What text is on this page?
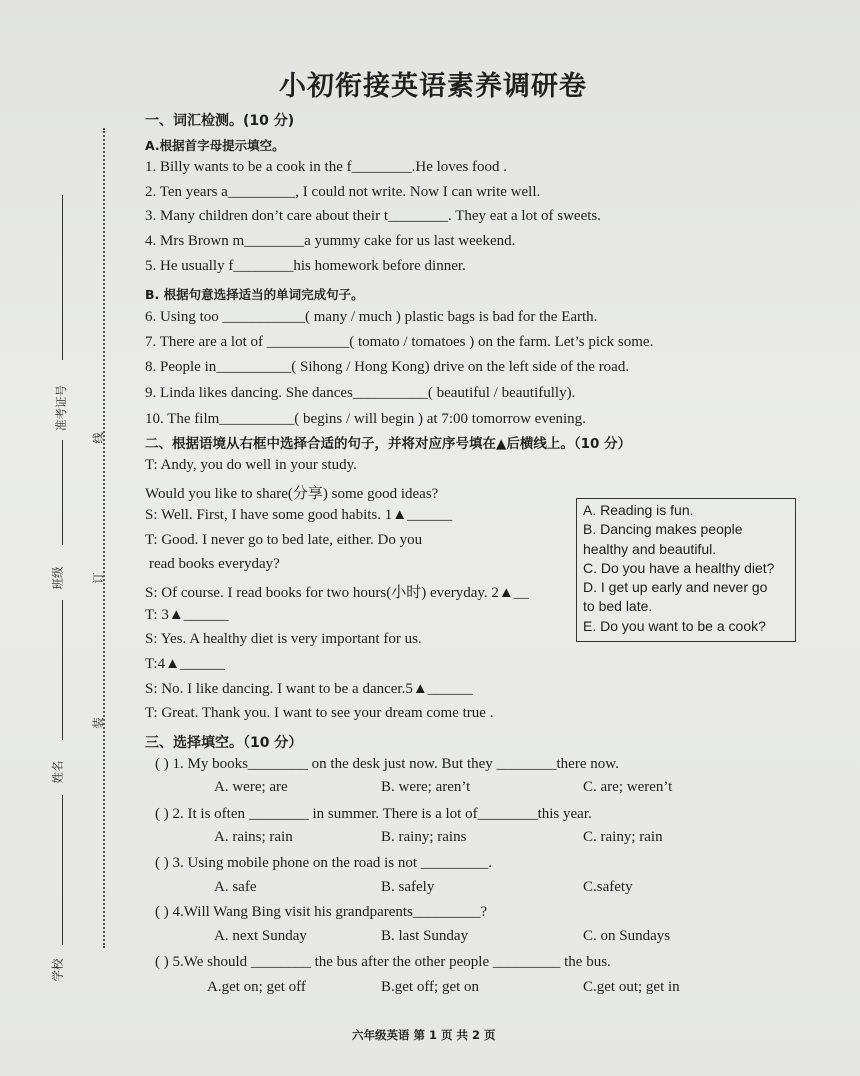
小初衔接英语素养调研卷
一、词汇检测。(10 分)
A.根据首字母提示填空。
1. Billy wants to be a cook in the f________.He loves food .
2. Ten years a_________, I could not write. Now I can write well.
3. Many children don’t care about their t________. They eat a lot of sweets.
4. Mrs Brown m________a yummy cake for us last weekend.
5. He usually f________his homework before dinner.
B. 根据句意选择适当的单词完成句子。
6. Using too ___________( many / much ) plastic bags is bad for the Earth.
7. There are a lot of ___________( tomato / tomatoes ) on the farm. Let’s pick some.
8. People in__________( Sihong / Hong Kong) drive on the left side of the road.
9. Linda likes dancing. She dances__________( beautiful / beautifully).
10. The film__________( begins / will begin ) at 7:00 tomorrow evening.
二、根据语境从右框中选择合适的句子，并将对应序号填在▲后横线上。（10 分）
T: Andy, you do well in your study.
Would you like to share(分享) some good ideas?
S: Well. First, I have some good habits. 1▲______
T: Good. I never go to bed late, either. Do you
read books everyday?
S: Of course. I read books for two hours(小时) everyday. 2▲__
T: 3▲______
S: Yes. A healthy diet is very important for us.
T:4▲______
S: No. I like dancing. I want to be a dancer.5▲______
T: Great. Thank you. I want to see your dream come true .
A. Reading is fun.
B. Dancing makes people
healthy and beautiful.
C. Do you have a healthy diet?
D. I get up early and never go
to bed late.
E. Do you want to be a cook?
三、选择填空。（10 分）
( ) 1. My books________ on the desk just now. But they ________there now.
A. were; are	B. were; aren’t	C. are; weren’t
( ) 2. It is often ________ in summer. There is a lot of________this year.
A. rains; rain	B. rainy; rains	C. rainy; rain
( ) 3. Using mobile phone on the road is not _________.
A. safe	B. safely	C.safety
( ) 4.Will Wang Bing visit his grandparents_________?
A. next Sunday	B. last Sunday	C. on Sundays
( ) 5.We should ________ the bus after the other people _________ the bus.
A.get on; get off	B.get off; get on	C.get out; get in
准考证号
班级
姓名
学校
线
订
装
六年级英语 第 1 页 共 2 页
